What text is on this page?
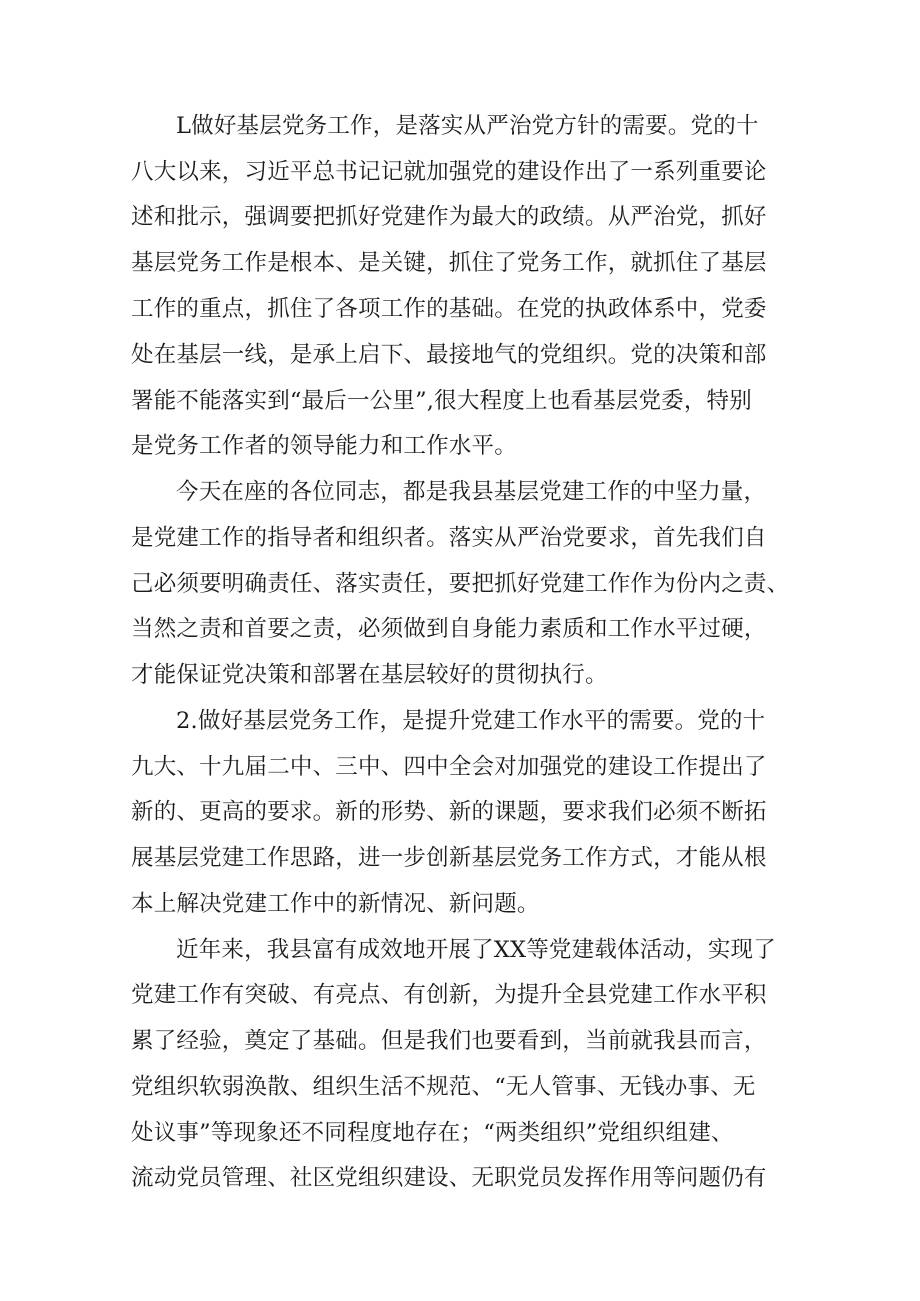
L做好基层党务工作，是落实从严治党方针的需要。党的十

八大以来，习近平总书记记就加强党的建设作出了一系列重要论

述和批示，强调要把抓好党建作为最大的政绩。从严治党，抓好

基层党务工作是根本、是关键，抓住了党务工作，就抓住了基层

工作的重点，抓住了各项工作的基础。在党的执政体系中，党委

处在基层一线，是承上启下、最接地气的党组织。党的决策和部

署能不能落实到“最后一公里”,很大程度上也看基层党委，特别

是党务工作者的领导能力和工作水平。

今天在座的各位同志，都是我县基层党建工作的中坚力量，

是党建工作的指导者和组织者。落实从严治党要求，首先我们自

己必须要明确责任、落实责任，要把抓好党建工作作为份内之责、

当然之责和首要之责，必须做到自身能力素质和工作水平过硬，

才能保证党决策和部署在基层较好的贯彻执行。

2.做好基层党务工作，是提升党建工作水平的需要。党的十

九大、十九届二中、三中、四中全会对加强党的建设工作提出了

新的、更高的要求。新的形势、新的课题，要求我们必须不断拓

展基层党建工作思路，进一步创新基层党务工作方式，才能从根

本上解决党建工作中的新情况、新问题。

近年来，我县富有成效地开展了XX等党建载体活动，实现了

党建工作有突破、有亮点、有创新，为提升全县党建工作水平积

累了经验，奠定了基础。但是我们也要看到，当前就我县而言，

党组织软弱涣散、组织生活不规范、“无人管事、无钱办事、无

处议事”等现象还不同程度地存在；“两类组织”党组织组建、

流动党员管理、社区党组织建设、无职党员发挥作用等问题仍有
